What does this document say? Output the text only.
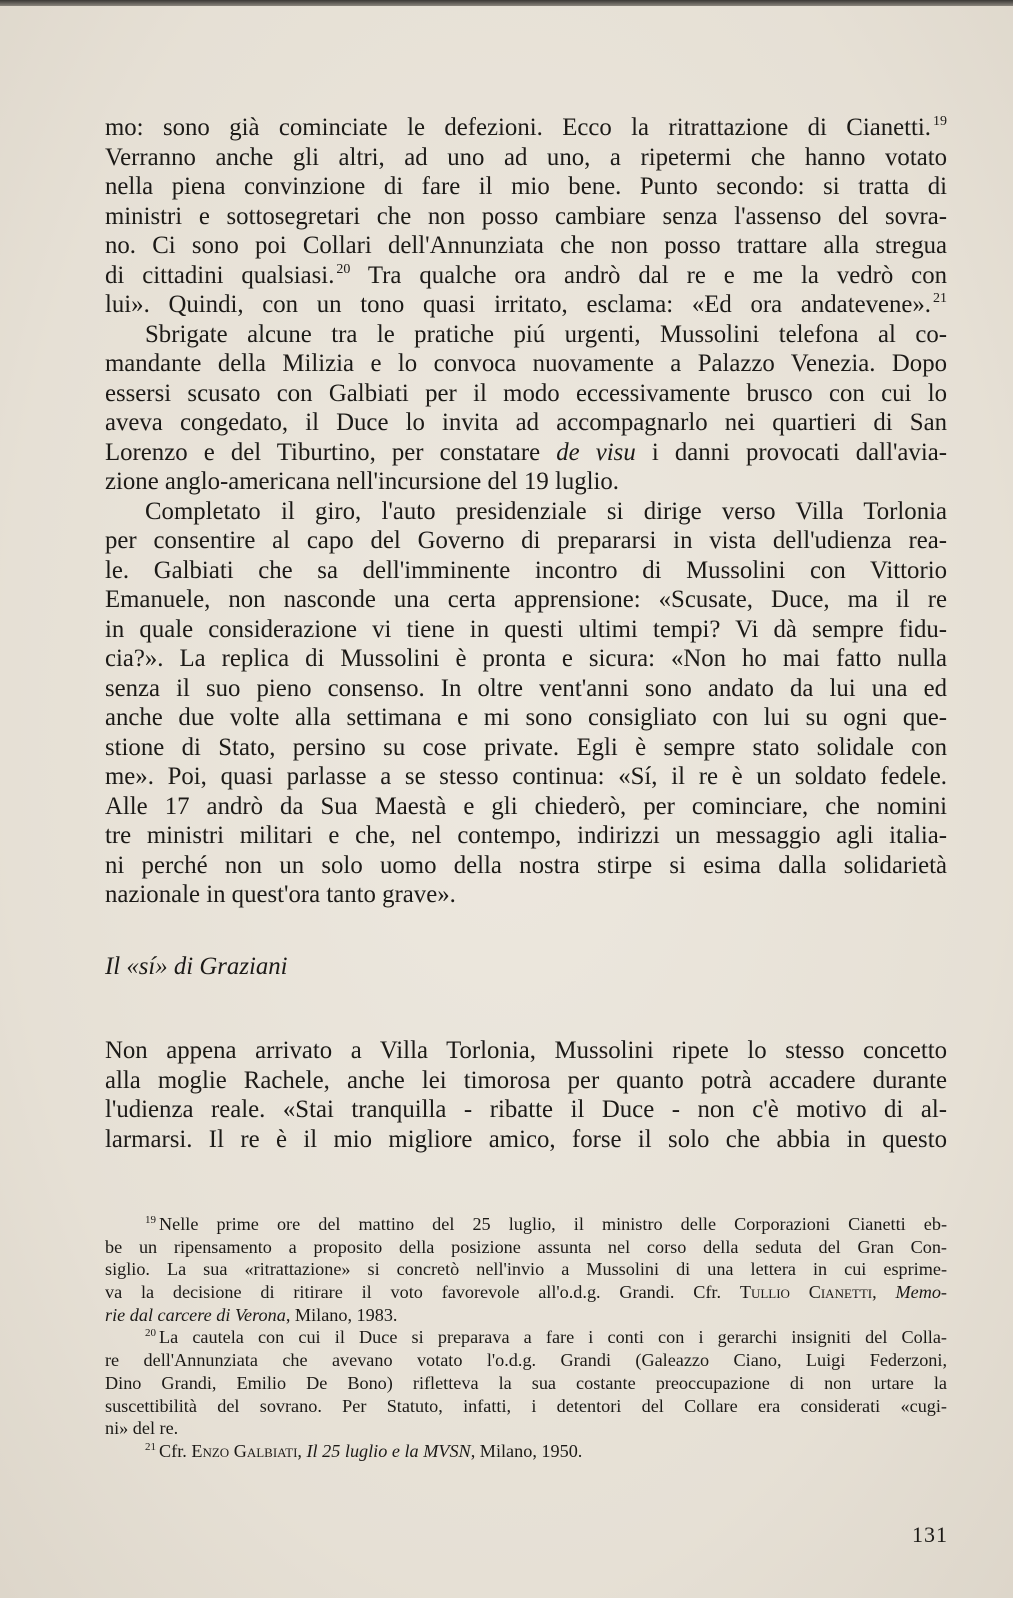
mo: sono già cominciate le defezioni. Ecco la ritrattazione di Cianetti. $^{19}$
Verranno anche gli altri, ad uno ad uno, a ripetermi che hanno votato
nella piena convinzione di fare il mio bene. Punto secondo: si tratta di
ministri e sottosegretari che non posso cambiare senza l'assenso del sovra-
no. Ci sono poi Collari dell'Annunziata che non posso trattare alla stregua
di cittadini qualsiasi. $^{20}$ Tra qualche ora andrò dal re e me la vedrò con
lui». Quindi, con un tono quasi irritato, esclama: «Ed ora andatevene». $^{21}$
Sbrigate alcune tra le pratiche piú urgenti, Mussolini telefona al co-
mandante della Milizia e lo convoca nuovamente a Palazzo Venezia. Dopo
essersi scusato con Galbiati per il modo eccessivamente brusco con cui lo
aveva congedato, il Duce lo invita ad accompagnarlo nei quartieri di San
Lorenzo e del Tiburtino, per constatare de visu i danni provocati dall'avia-
zione anglo-americana nell'incursione del 19 luglio.
Completato il giro, l'auto presidenziale si dirige verso Villa Torlonia
per consentire al capo del Governo di prepararsi in vista dell'udienza rea-
le. Galbiati che sa dell'imminente incontro di Mussolini con Vittorio
Emanuele, non nasconde una certa apprensione: «Scusate, Duce, ma il re
in quale considerazione vi tiene in questi ultimi tempi? Vi dà sempre fidu-
cia?». La replica di Mussolini è pronta e sicura: «Non ho mai fatto nulla
senza il suo pieno consenso. In oltre vent'anni sono andato da lui una ed
anche due volte alla settimana e mi sono consigliato con lui su ogni que-
stione di Stato, persino su cose private. Egli è sempre stato solidale con
me». Poi, quasi parlasse a se stesso continua: «Sí, il re è un soldato fedele.
Alle 17 andrò da Sua Maestà e gli chiederò, per cominciare, che nomini
tre ministri militari e che, nel contempo, indirizzi un messaggio agli italia-
ni perché non un solo uomo della nostra stirpe si esima dalla solidarietà
nazionale in quest'ora tanto grave».
Il «sí» di Graziani
Non appena arrivato a Villa Torlonia, Mussolini ripete lo stesso concetto
alla moglie Rachele, anche lei timorosa per quanto potrà accadere durante
l'udienza reale. «Stai tranquilla - ribatte il Duce - non c'è motivo di al-
larmarsi. Il re è il mio migliore amico, forse il solo che abbia in questo
$^{19}$ Nelle prime ore del mattino del 25 luglio, il ministro delle Corporazioni Cianetti eb-
be un ripensamento a proposito della posizione assunta nel corso della seduta del Gran Con-
siglio. La sua «ritrattazione» si concretò nell'invio a Mussolini di una lettera in cui esprime-
va la decisione di ritirare il voto favorevole all'o.d.g. Grandi. Cfr. Tullio Cianetti, Memo-
rie dal carcere di Verona, Milano, 1983.
$^{20}$ La cautela con cui il Duce si preparava a fare i conti con i gerarchi insigniti del Colla-
re dell'Annunziata che avevano votato l'o.d.g. Grandi (Galeazzo Ciano, Luigi Federzoni,
Dino Grandi, Emilio De Bono) rifletteva la sua costante preoccupazione di non urtare la
suscettibilità del sovrano. Per Statuto, infatti, i detentori del Collare era considerati «cugi-
ni» del re.
$^{21}$ Cfr. Enzo Galbiati, Il 25 luglio e la MVSN, Milano, 1950.
131
